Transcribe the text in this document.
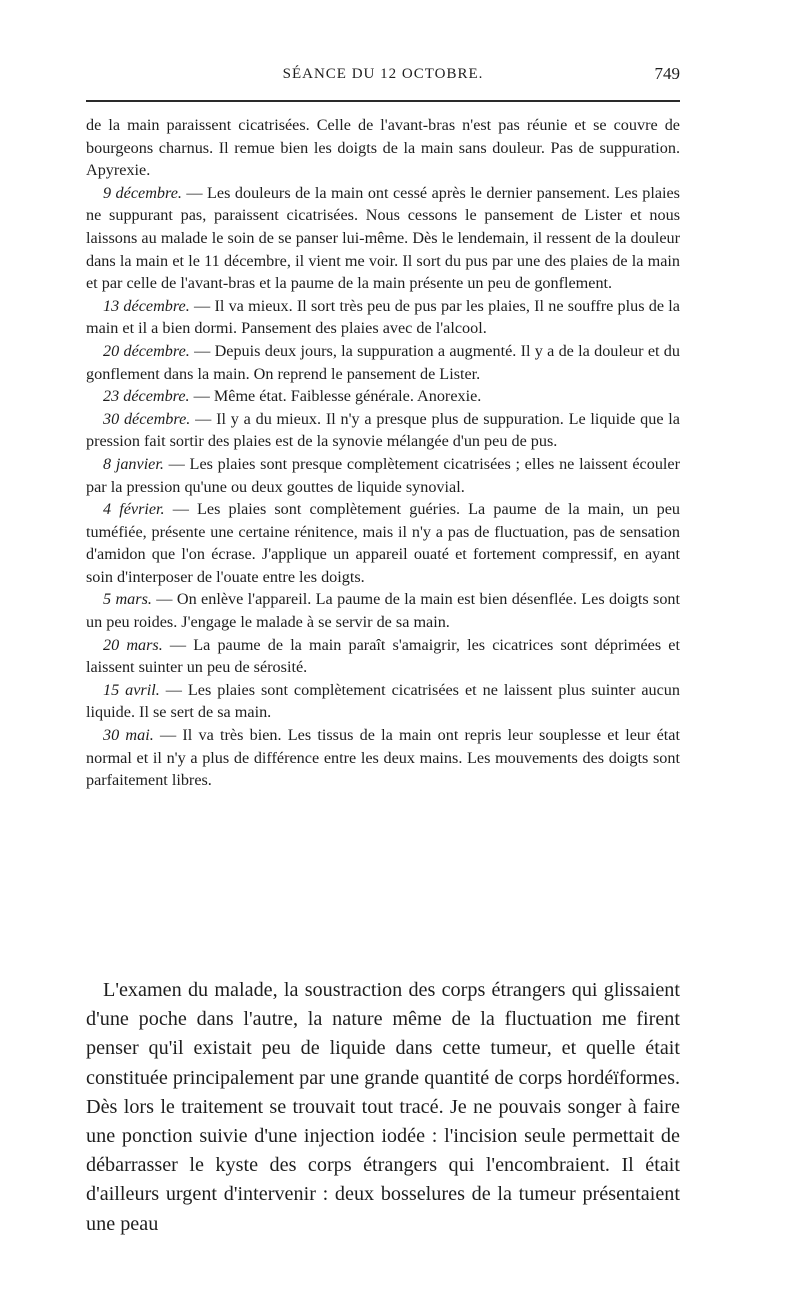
SÉANCE DU 12 OCTOBRE.	749

de la main paraissent cicatrisées. Celle de l'avant-bras n'est pas réunie et se couvre de bourgeons charnus. Il remue bien les doigts de la main sans douleur. Pas de suppuration. Apyrexie.

9 décembre. — Les douleurs de la main ont cessé après le dernier pansement. Les plaies ne suppurant pas, paraissent cicatrisées. Nous cessons le pansement de Lister et nous laissons au malade le soin de se panser lui-même. Dès le lendemain, il ressent de la douleur dans la main et le 11 décembre, il vient me voir. Il sort du pus par une des plaies de la main et par celle de l'avant-bras et la paume de la main présente un peu de gonflement.

13 décembre. — Il va mieux. Il sort très peu de pus par les plaies, Il ne souffre plus de la main et il a bien dormi. Pansement des plaies avec de l'alcool.

20 décembre. — Depuis deux jours, la suppuration a augmenté. Il y a de la douleur et du gonflement dans la main. On reprend le pansement de Lister.

23 décembre. — Même état. Faiblesse générale. Anorexie.

30 décembre. — Il y a du mieux. Il n'y a presque plus de suppuration. Le liquide que la pression fait sortir des plaies est de la synovie mélangée d'un peu de pus.

8 janvier. — Les plaies sont presque complètement cicatrisées ; elles ne laissent écouler par la pression qu'une ou deux gouttes de liquide synovial.

4 février. — Les plaies sont complètement guéries. La paume de la main, un peu tuméfiée, présente une certaine rénitence, mais il n'y a pas de fluctuation, pas de sensation d'amidon que l'on écrase. J'applique un appareil ouaté et fortement compressif, en ayant soin d'interposer de l'ouate entre les doigts.

5 mars. — On enlève l'appareil. La paume de la main est bien désenflée. Les doigts sont un peu roides. J'engage le malade à se servir de sa main.

20 mars. — La paume de la main paraît s'amaigrir, les cicatrices sont déprimées et laissent suinter un peu de sérosité.

15 avril. — Les plaies sont complètement cicatrisées et ne laissent plus suinter aucun liquide. Il se sert de sa main.

30 mai. — Il va très bien. Les tissus de la main ont repris leur souplesse et leur état normal et il n'y a plus de différence entre les deux mains. Les mouvements des doigts sont parfaitement libres.

L'examen du malade, la soustraction des corps étrangers qui glissaient d'une poche dans l'autre, la nature même de la fluctuation me firent penser qu'il existait peu de liquide dans cette tumeur, et quelle était constituée principalement par une grande quantité de corps hordéïformes. Dès lors le traitement se trouvait tout tracé. Je ne pouvais songer à faire une ponction suivie d'une injection iodée : l'incision seule permettait de débarrasser le kyste des corps étrangers qui l'encombraient. Il était d'ailleurs urgent d'intervenir : deux bosselures de la tumeur présentaient une peau
